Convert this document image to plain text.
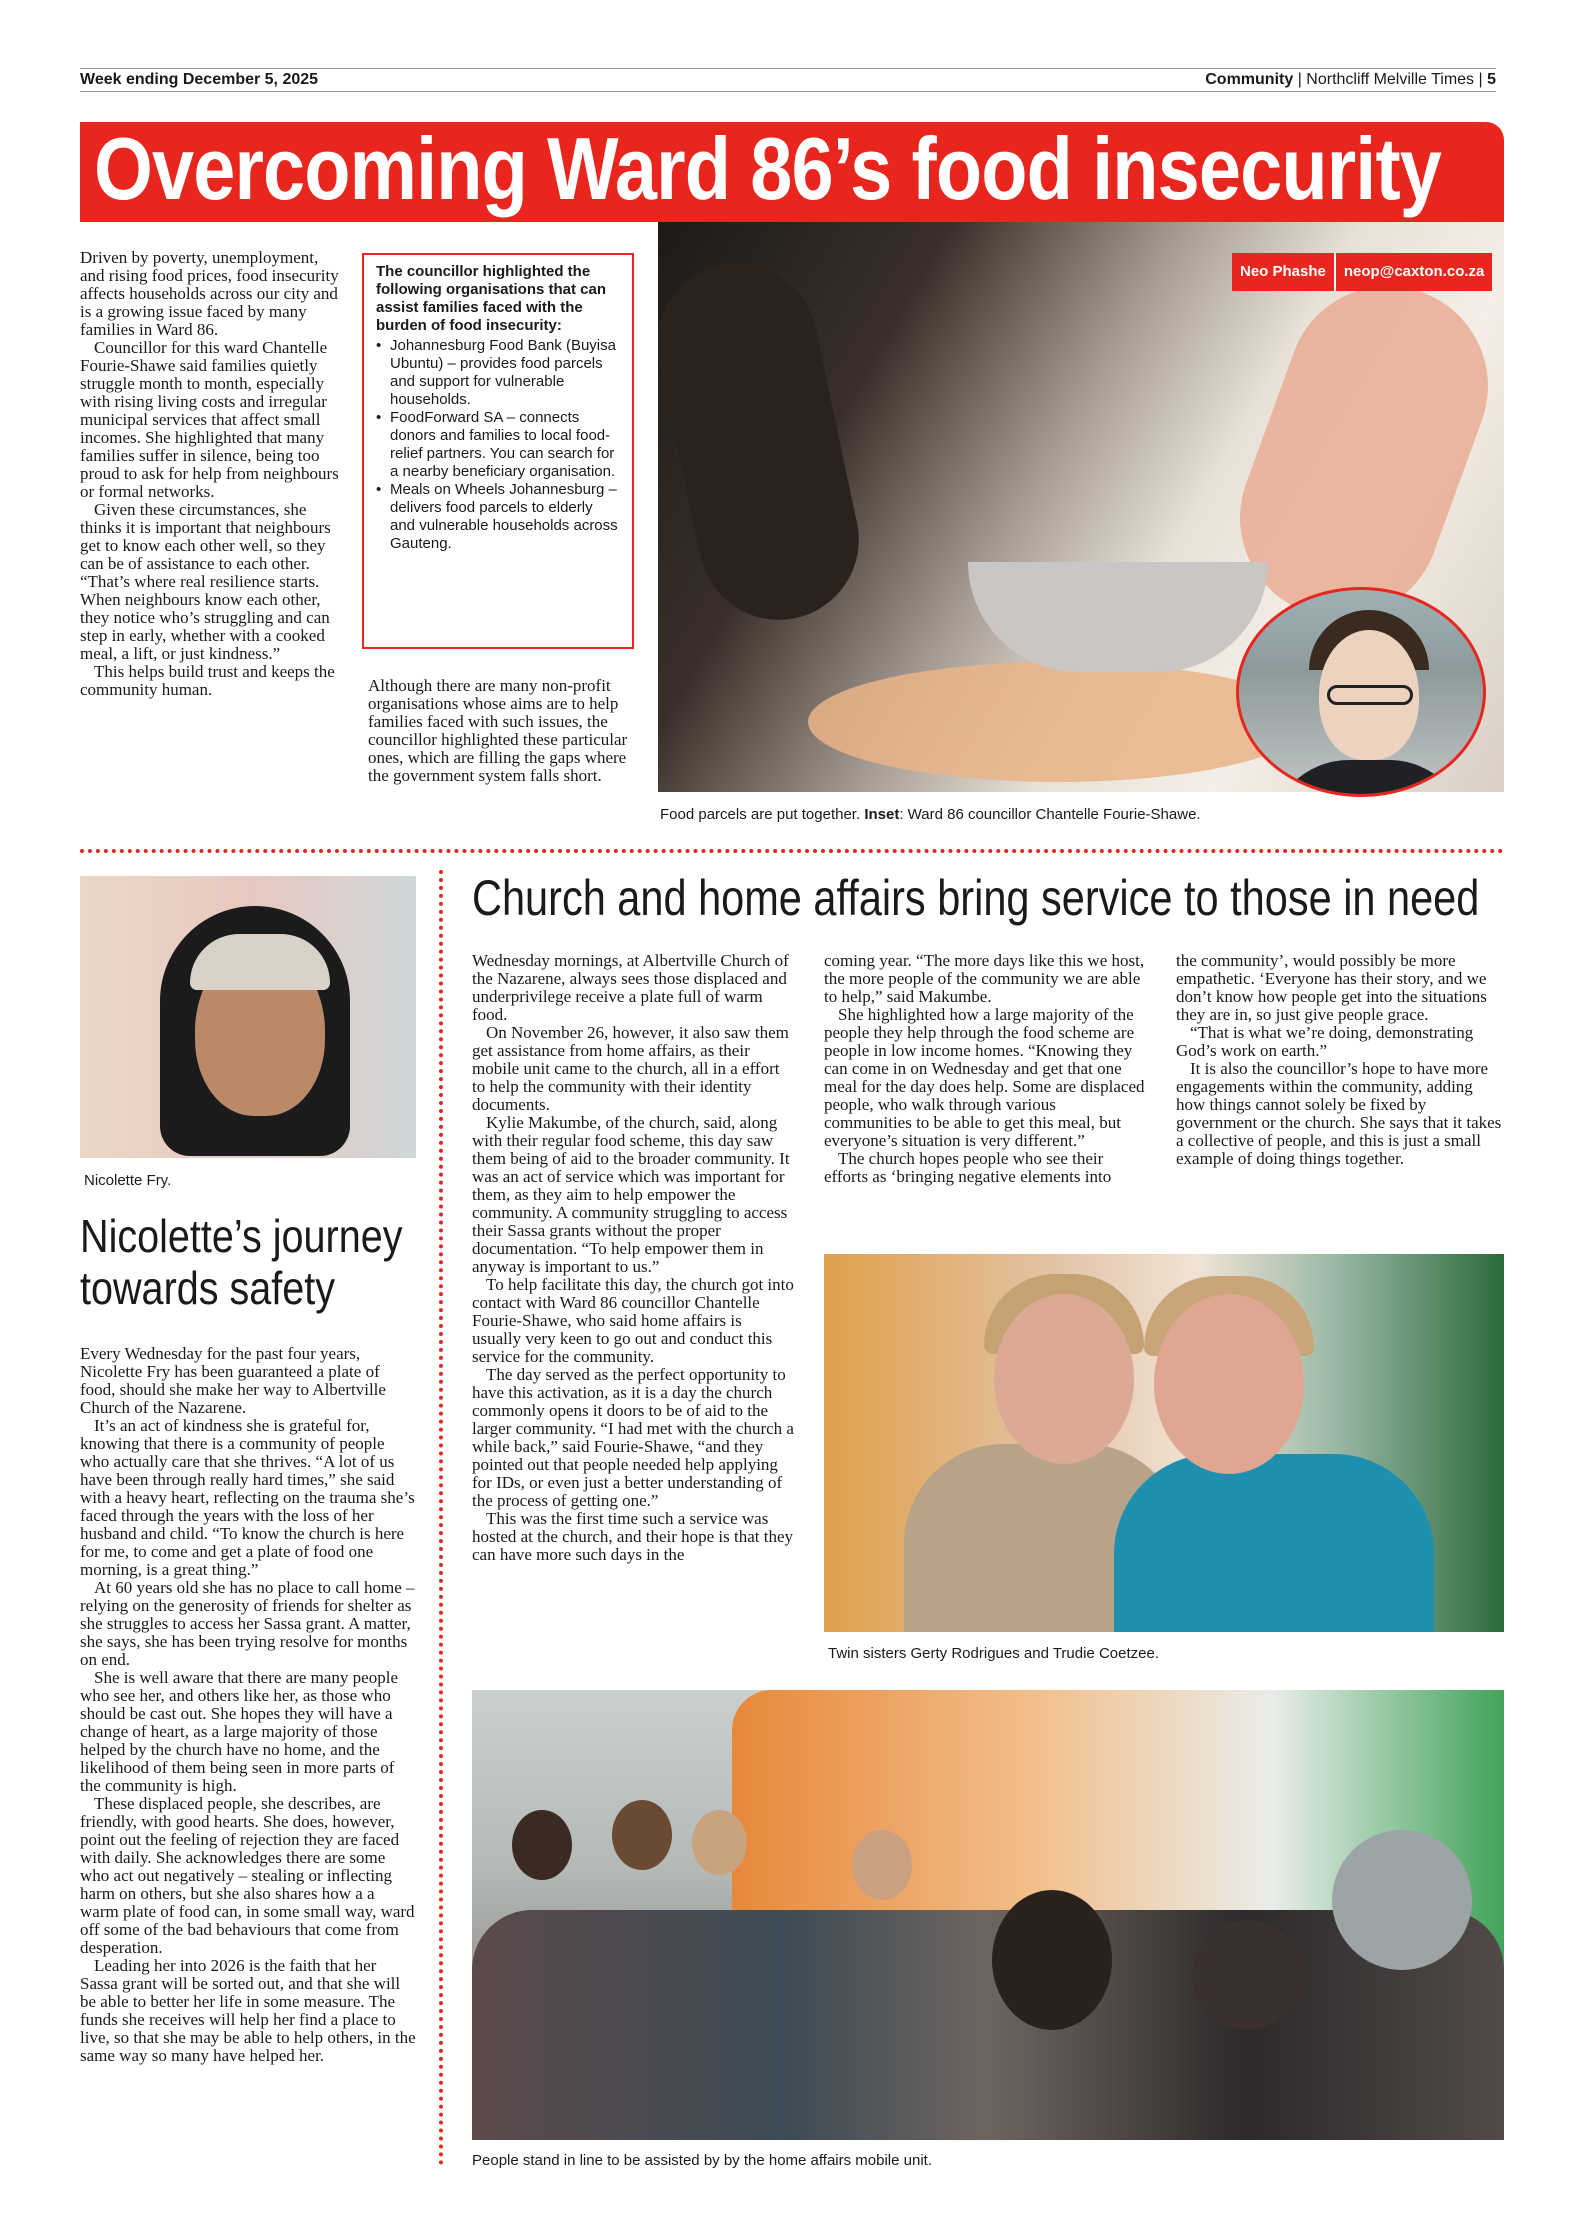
Week ending December 5, 2025	Community | Northcliff Melville Times | 5
Overcoming Ward 86’s food insecurity

Driven by poverty, unemployment, and rising food prices, food insecurity affects households across our city and is a growing issue faced by many families in Ward 86.

Councillor for this ward Chantelle Fourie-Shawe said families quietly struggle month to month, especially with rising living costs and irregular municipal services that affect small incomes. She highlighted that many families suffer in silence, being too proud to ask for help from neighbours or formal networks.

Given these circumstances, she thinks it is important that neighbours get to know each other well, so they can be of assistance to each other. “That’s where real resilience starts. When neighbours know each other, they notice who’s struggling and can step in early, whether with a cooked meal, a lift, or just kindness.”

This helps build trust and keeps the community human.

The councillor highlighted the following organisations that can assist families faced with the burden of food insecurity:
• Johannesburg Food Bank (Buyisa Ubuntu) – provides food parcels and support for vulnerable households.
• FoodForward SA – connects donors and families to local food-relief partners. You can search for a nearby beneficiary organisation.
• Meals on Wheels Johannesburg – delivers food parcels to elderly and vulnerable households across Gauteng.

Although there are many non-profit organisations whose aims are to help families faced with such issues, the councillor highlighted these particular ones, which are filling the gaps where the government system falls short.

Neo Phashe	neop@caxton.co.za
Food parcels are put together. Inset: Ward 86 councillor Chantelle Fourie-Shawe.
Nicolette Fry.
Nicolette’s journey
towards safety

Every Wednesday for the past four years, Nicolette Fry has been guaranteed a plate of food, should she make her way to Albertville Church of the Nazarene.

It’s an act of kindness she is grateful for, knowing that there is a community of people who actually care that she thrives. “A lot of us have been through really hard times,” she said with a heavy heart, reflecting on the trauma she’s faced through the years with the loss of her husband and child. “To know the church is here for me, to come and get a plate of food one morning, is a great thing.”

At 60 years old she has no place to call home – relying on the generosity of friends for shelter as she struggles to access her Sassa grant. A matter, she says, she has been trying resolve for months on end.

She is well aware that there are many people who see her, and others like her, as those who should be cast out. She hopes they will have a change of heart, as a large majority of those helped by the church have no home, and the likelihood of them being seen in more parts of the community is high.

These displaced people, she describes, are friendly, with good hearts. She does, however, point out the feeling of rejection they are faced with daily. She acknowledges there are some who act out negatively – stealing or inflecting harm on others, but she also shares how a a warm plate of food can, in some small way, ward off some of the bad behaviours that come from desperation.

Leading her into 2026 is the faith that her Sassa grant will be sorted out, and that she will be able to better her life in some measure. The funds she receives will help her find a place to live, so that she may be able to help others, in the same way so many have helped her.

Church and home affairs bring service to those in need

Wednesday mornings, at Albertville Church of the Nazarene, always sees those displaced and underprivilege receive a plate full of warm food.

On November 26, however, it also saw them get assistance from home affairs, as their mobile unit came to the church, all in a effort to help the community with their identity documents.

Kylie Makumbe, of the church, said, along with their regular food scheme, this day saw them being of aid to the broader community. It was an act of service which was important for them, as they aim to help empower the community. A community struggling to access their Sassa grants without the proper documentation. “To help empower them in anyway is important to us.”

To help facilitate this day, the church got into contact with Ward 86 councillor Chantelle Fourie-Shawe, who said home affairs is usually very keen to go out and conduct this service for the community.

The day served as the perfect opportunity to have this activation, as it is a day the church commonly opens it doors to be of aid to the larger community. “I had met with the church a while back,” said Fourie-Shawe, “and they pointed out that people needed help applying for IDs, or even just a better understanding of the process of getting one.”

This was the first time such a service was hosted at the church, and their hope is that they can have more such days in the

coming year. “The more days like this we host, the more people of the community we are able to help,” said Makumbe.

She highlighted how a large majority of the people they help through the food scheme are people in low income homes. “Knowing they can come in on Wednesday and get that one meal for the day does help. Some are displaced people, who walk through various communities to be able to get this meal, but everyone’s situation is very different.”

The church hopes people who see their efforts as ‘bringing negative elements into

the community’, would possibly be more empathetic. ‘Everyone has their story, and we don’t know how people get into the situations they are in, so just give people grace.

“That is what we’re doing, demonstrating God’s work on earth.”

It is also the councillor’s hope to have more engagements within the community, adding how things cannot solely be fixed by government or the church. She says that it takes a collective of people, and this is just a small example of doing things together.

Twin sisters Gerty Rodrigues and Trudie Coetzee.
People stand in line to be assisted by by the home affairs mobile unit.
